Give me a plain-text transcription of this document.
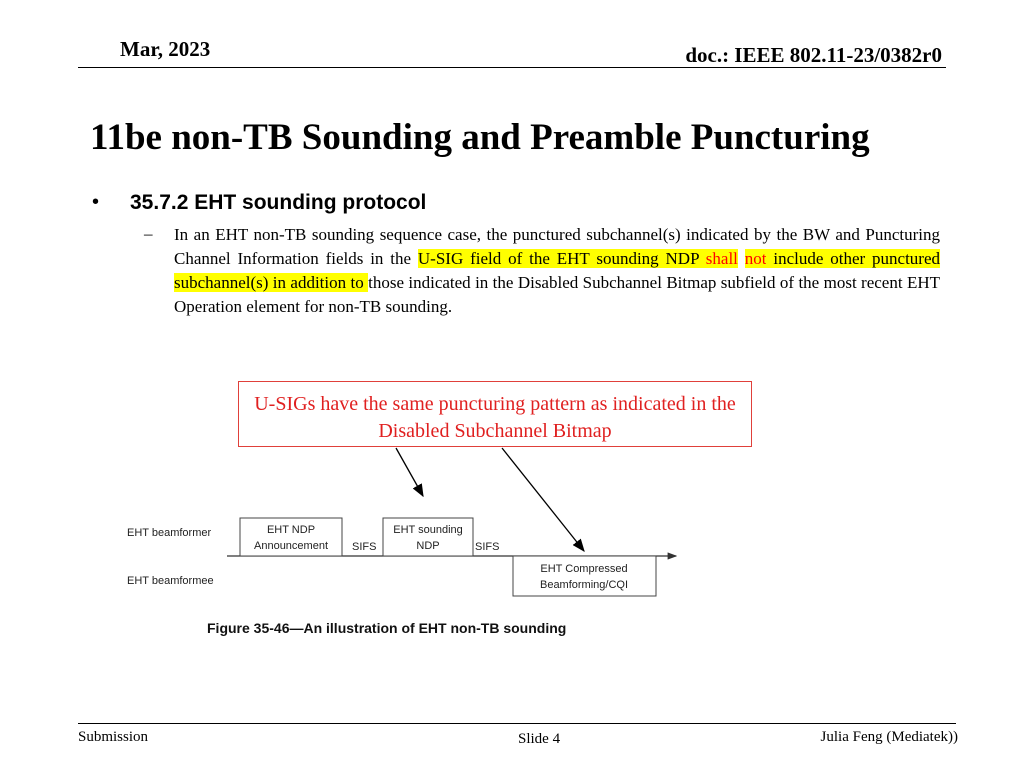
Mar, 2023	doc.: IEEE 802.11-23/0382r0
11be non-TB Sounding and Preamble Puncturing
• 35.7.2 EHT sounding protocol
– In an EHT non-TB sounding sequence case, the punctured subchannel(s) indicated by the BW and Puncturing Channel Information fields in the U-SIG field of the EHT sounding NDP shall not include other punctured subchannel(s) in addition to those indicated in the Disabled Subchannel Bitmap subfield of the most recent EHT Operation element for non-TB sounding.
U-SIGs have the same puncturing pattern as indicated in the Disabled Subchannel Bitmap
EHT beamformer
EHT beamformee
EHT NDP
Announcement SIFS
EHT sounding
NDP	SIFS
EHT Compressed
Beamforming/CQI
Figure 35-46—An illustration of EHT non-TB sounding
Submission	Slide 4	Julia Feng (Mediatek))
